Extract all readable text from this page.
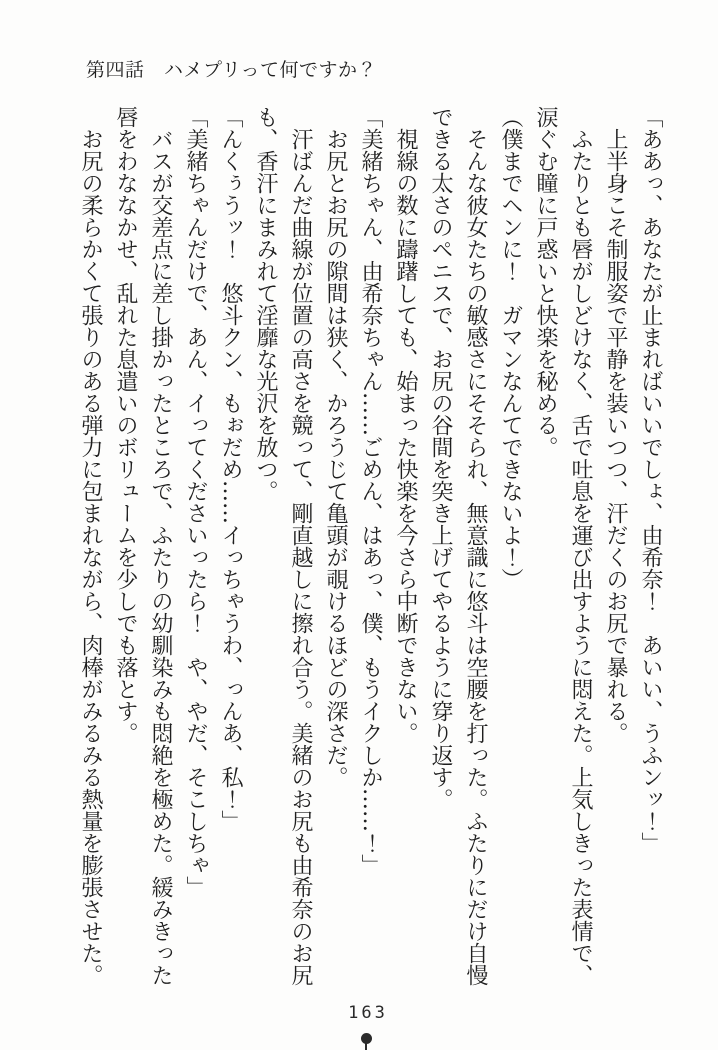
第四話　ハメプリって何ですか？

「ああっ、あなたが止まればいいでしょ、由希奈！　あいい、うふンッ！」

上半身こそ制服姿で平静を装いつつ、汗だくのお尻で暴れる。

ふたりとも唇がしどけなく、舌で吐息を運び出すように悶えた。上気しきった表情で、涙ぐむ瞳に戸惑いと快楽を秘める。

（僕までヘンに！　ガマンなんてできないよ！）

そんな彼女たちの敏感さにそそられ、無意識に悠斗は空腰を打った。ふたりにだけ自慢できる太さのペニスで、お尻の谷間を突き上げてやるように穿り返す。

視線の数に躊躇しても、始まった快楽を今さら中断できない。

「美緒ちゃん、由希奈ちゃん……ごめん、はあっ、僕、もうイクしか……！」

お尻とお尻の隙間は狭く、かろうじて亀頭が覗けるほどの深さだ。

汗ばんだ曲線が位置の高さを競って、剛直越しに擦れ合う。美緒のお尻も由希奈のお尻も、香汗にまみれて淫靡な光沢を放つ。

「んくぅうッ！　悠斗クン、もぉだめ……イっちゃうわ、っんあ、私！」

「美緒ちゃんだけで、あん、イってくださいったら！　や、やだ、そこしちゃ」

バスが交差点に差し掛かったところで、ふたりの幼馴染みも悶絶を極めた。緩みきった唇をわななかせ、乱れた息遣いのボリュームを少しでも落とす。

お尻の柔らかくて張りのある弾力に包まれながら、肉棒がみるみる熱量を膨張させた。

163
